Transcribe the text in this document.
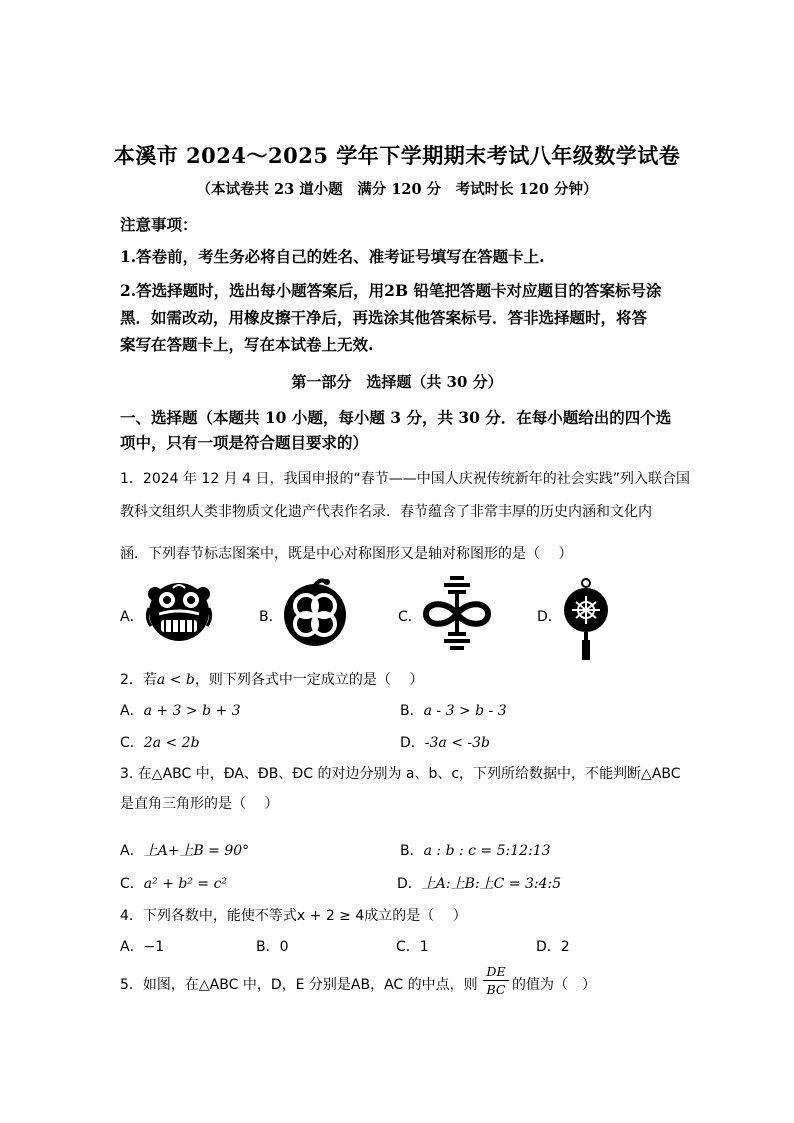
本溪市 2024～2025 学年下学期期末考试八年级数学试卷
（本试卷共 23 道小题　满分 120 分　考试时长 120 分钟）
注意事项：
1.答卷前，考生务必将自己的姓名、准考证号填写在答题卡上.
2.答选择题时，选出每小题答案后，用2B 铅笔把答题卡对应题目的答案标号涂
黑．如需改动，用橡皮擦干净后，再选涂其他答案标号．答非选择题时，将答
案写在答题卡上，写在本试卷上无效.
第一部分　选择题（共 30 分）
一、选择题（本题共 10 小题，每小题 3 分，共 30 分．在每小题给出的四个选
项中，只有一项是符合题目要求的）
1．2024 年 12 月 4 日，我国申报的“春节——中国人庆祝传统新年的社会实践”列入联合国
教科文组织人类非物质文化遗产代表作名录．春节蕴含了非常丰厚的历史内涵和文化内
涵．下列春节标志图案中，既是中心对称图形又是轴对称图形的是（　 ）
A．	B．	C．	D．
2．若a < b，则下列各式中一定成立的是（　 ）
A．a + 3 > b + 3	B．a - 3 > b - 3
C．2a < 2b	D．-3a < -3b
3. 在△ABC 中，ÐA、ÐB、ÐC 的对边分别为 a、b、c，下列所给数据中，不能判断△ABC
是直角三角形的是（　 ）
A．上A+上B = 90°	B．a : b : c = 5:12:13
C．a² + b² = c²	D．上A:上B:上C = 3:4:5
4．下列各数中，能使不等式x + 2 ≥ 4成立的是（　 ）
A．−1	B．0	C．1	D．2
5．如图，在△ABC 中，D，E 分别是AB，AC 的中点，则 $\frac{DE}{BC}$ 的值为（　）
